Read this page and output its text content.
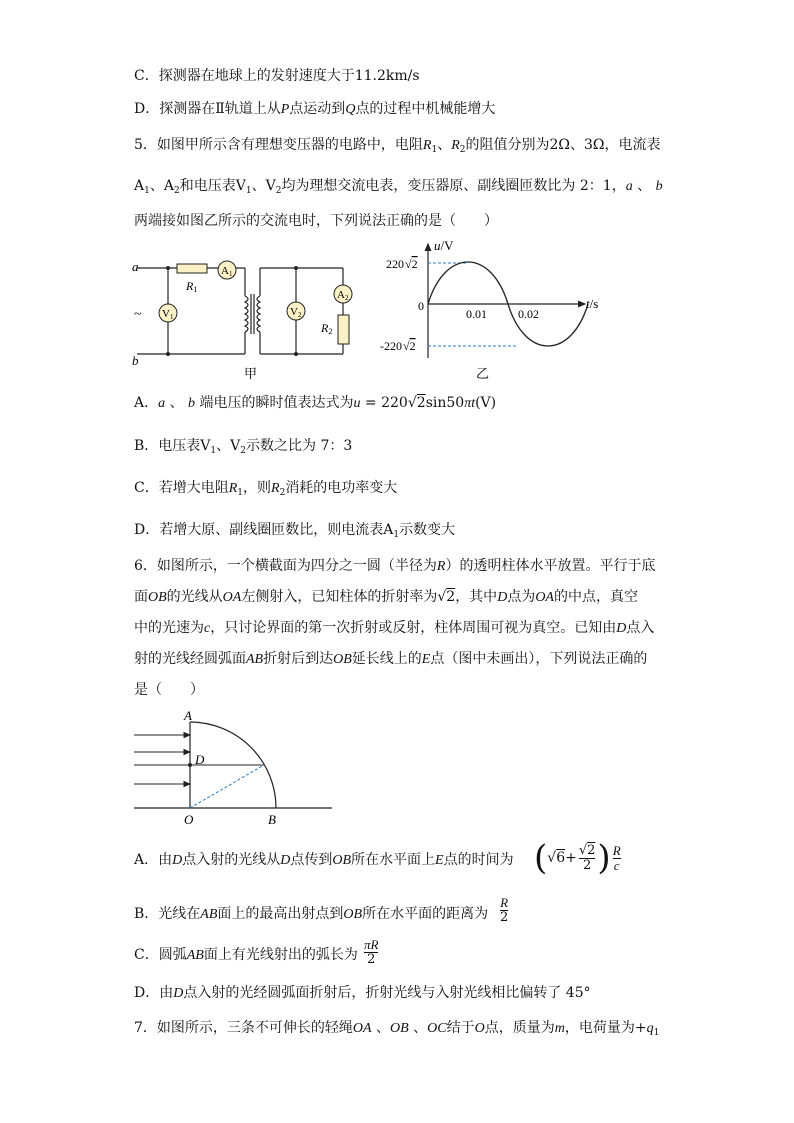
C．探测器在地球上的发射速度大于11.2km/s
D．探测器在Ⅱ轨道上从P点运动到Q点的过程中机械能增大
5．如图甲所示含有理想变压器的电路中，电阻$R_1$、$R_2$的阻值分别为2Ω、3Ω，电流表
$A_1$、$A_2$和电压表$V_1$、$V_2$均为理想交流电表，变压器原、副线圈匝数比为 2：1，a 、 b
两端接如图乙所示的交流电时，下列说法正确的是（　　）
A1
V1	V2
A2
a
b
~
R1
R2
甲
u/V
t/s
220√2
-220√2
0
0.01	0.02
乙
A．a 、 b 端电压的瞬时值表达式为u = 220√2sin50πt(V)
B．电压表$V_1$、$V_2$示数之比为 7：3
C．若增大电阻$R_1$，则$R_2$消耗的电功率变大
D．若增大原、副线圈匝数比，则电流表$A_1$示数变大
6．如图所示，一个横截面为四分之一圆（半径为R）的透明柱体水平放置。平行于底
面OB的光线从OA左侧射入，已知柱体的折射率为√2，其中D点为OA的中点，真空
中的光速为c，只讨论界面的第一次折射或反射，柱体周围可视为真空。已知由D点入
射的光线经圆弧面AB折射后到达OB延长线上的E点（图中未画出），下列说法正确的
是（　　）
A
D
O	B
A．由D点入射的光线从D点传到OB所在水平面上E点的时间为 ($√6+ \frac{√2}{2}$ ) $\frac{R}{c}$
B．光线在AB面上的最高出射点到OB所在水平面的距离为 $\frac{R}{2}$
C．圆弧AB面上有光线射出的弧长为 $\frac{\pi R}{2}$
D．由D点入射的光经圆弧面折射后，折射光线与入射光线相比偏转了 45°
7．如图所示，三条不可伸长的轻绳OA 、OB 、OC结于O点，质量为m，电荷量为$+q_1$
